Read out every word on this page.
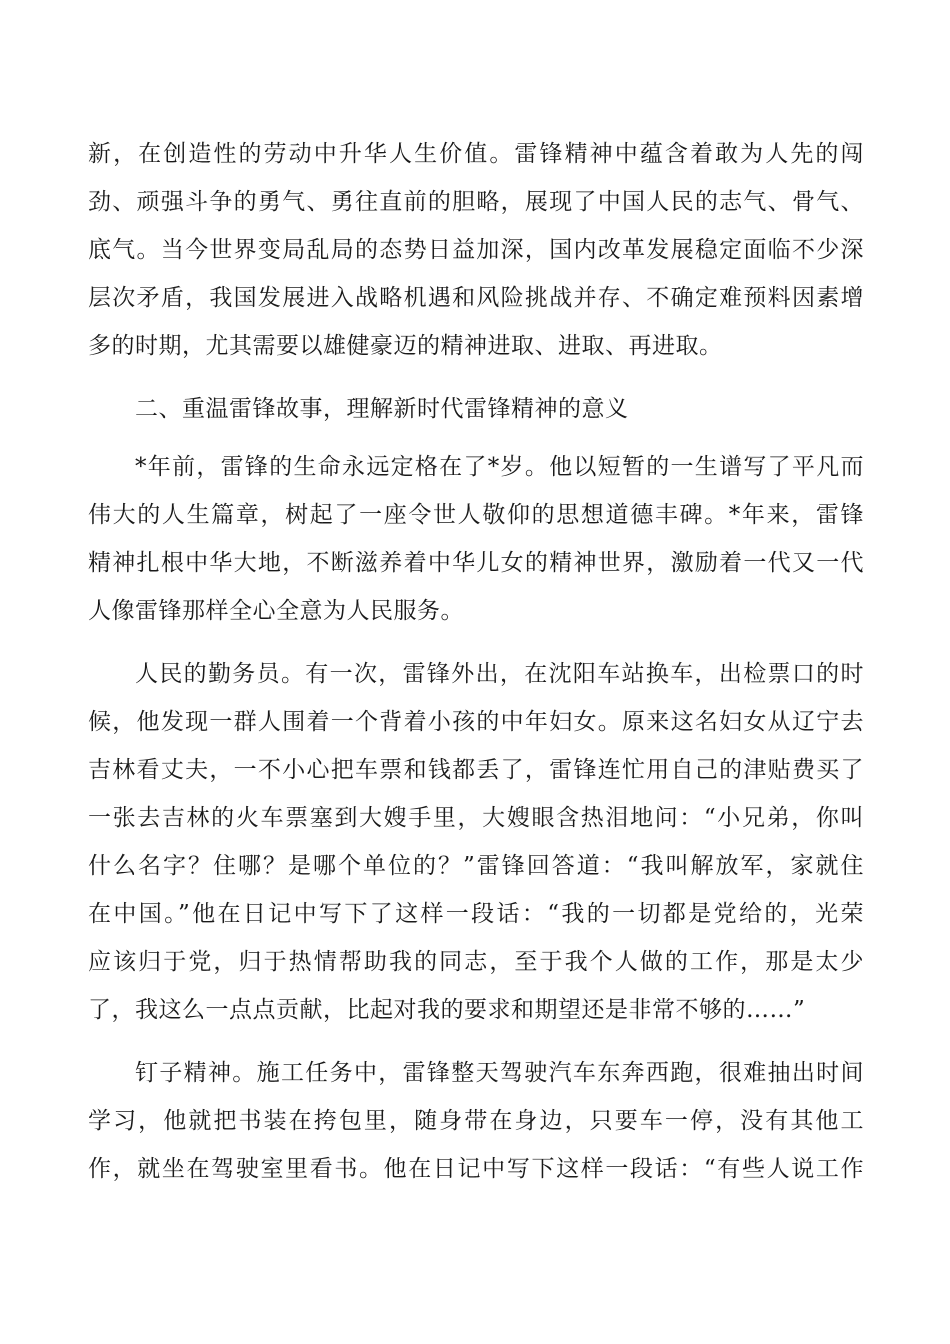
新，在创造性的劳动中升华人生价值。雷锋精神中蕴含着敢为人先的闯
劲、顽强斗争的勇气、勇往直前的胆略，展现了中国人民的志气、骨气、
底气。当今世界变局乱局的态势日益加深，国内改革发展稳定面临不少深
层次矛盾，我国发展进入战略机遇和风险挑战并存、不确定难预料因素增
多的时期，尤其需要以雄健豪迈的精神进取、进取、再进取。
二、重温雷锋故事，理解新时代雷锋精神的意义
*年前，雷锋的生命永远定格在了*岁。他以短暂的一生谱写了平凡而
伟大的人生篇章，树起了一座令世人敬仰的思想道德丰碑。*年来，雷锋
精神扎根中华大地，不断滋养着中华儿女的精神世界，激励着一代又一代
人像雷锋那样全心全意为人民服务。
人民的勤务员。有一次，雷锋外出，在沈阳车站换车，出检票口的时
候，他发现一群人围着一个背着小孩的中年妇女。原来这名妇女从辽宁去
吉林看丈夫，一不小心把车票和钱都丢了，雷锋连忙用自己的津贴费买了
一张去吉林的火车票塞到大嫂手里，大嫂眼含热泪地问：“小兄弟，你叫
什么名字？住哪？是哪个单位的？”雷锋回答道：“我叫解放军，家就住
在中国。”他在日记中写下了这样一段话：“我的一切都是党给的，光荣
应该归于党，归于热情帮助我的同志，至于我个人做的工作，那是太少
了，我这么一点点贡献，比起对我的要求和期望还是非常不够的……”
钉子精神。施工任务中，雷锋整天驾驶汽车东奔西跑，很难抽出时间
学习，他就把书装在挎包里，随身带在身边，只要车一停，没有其他工
作，就坐在驾驶室里看书。他在日记中写下这样一段话：“有些人说工作
